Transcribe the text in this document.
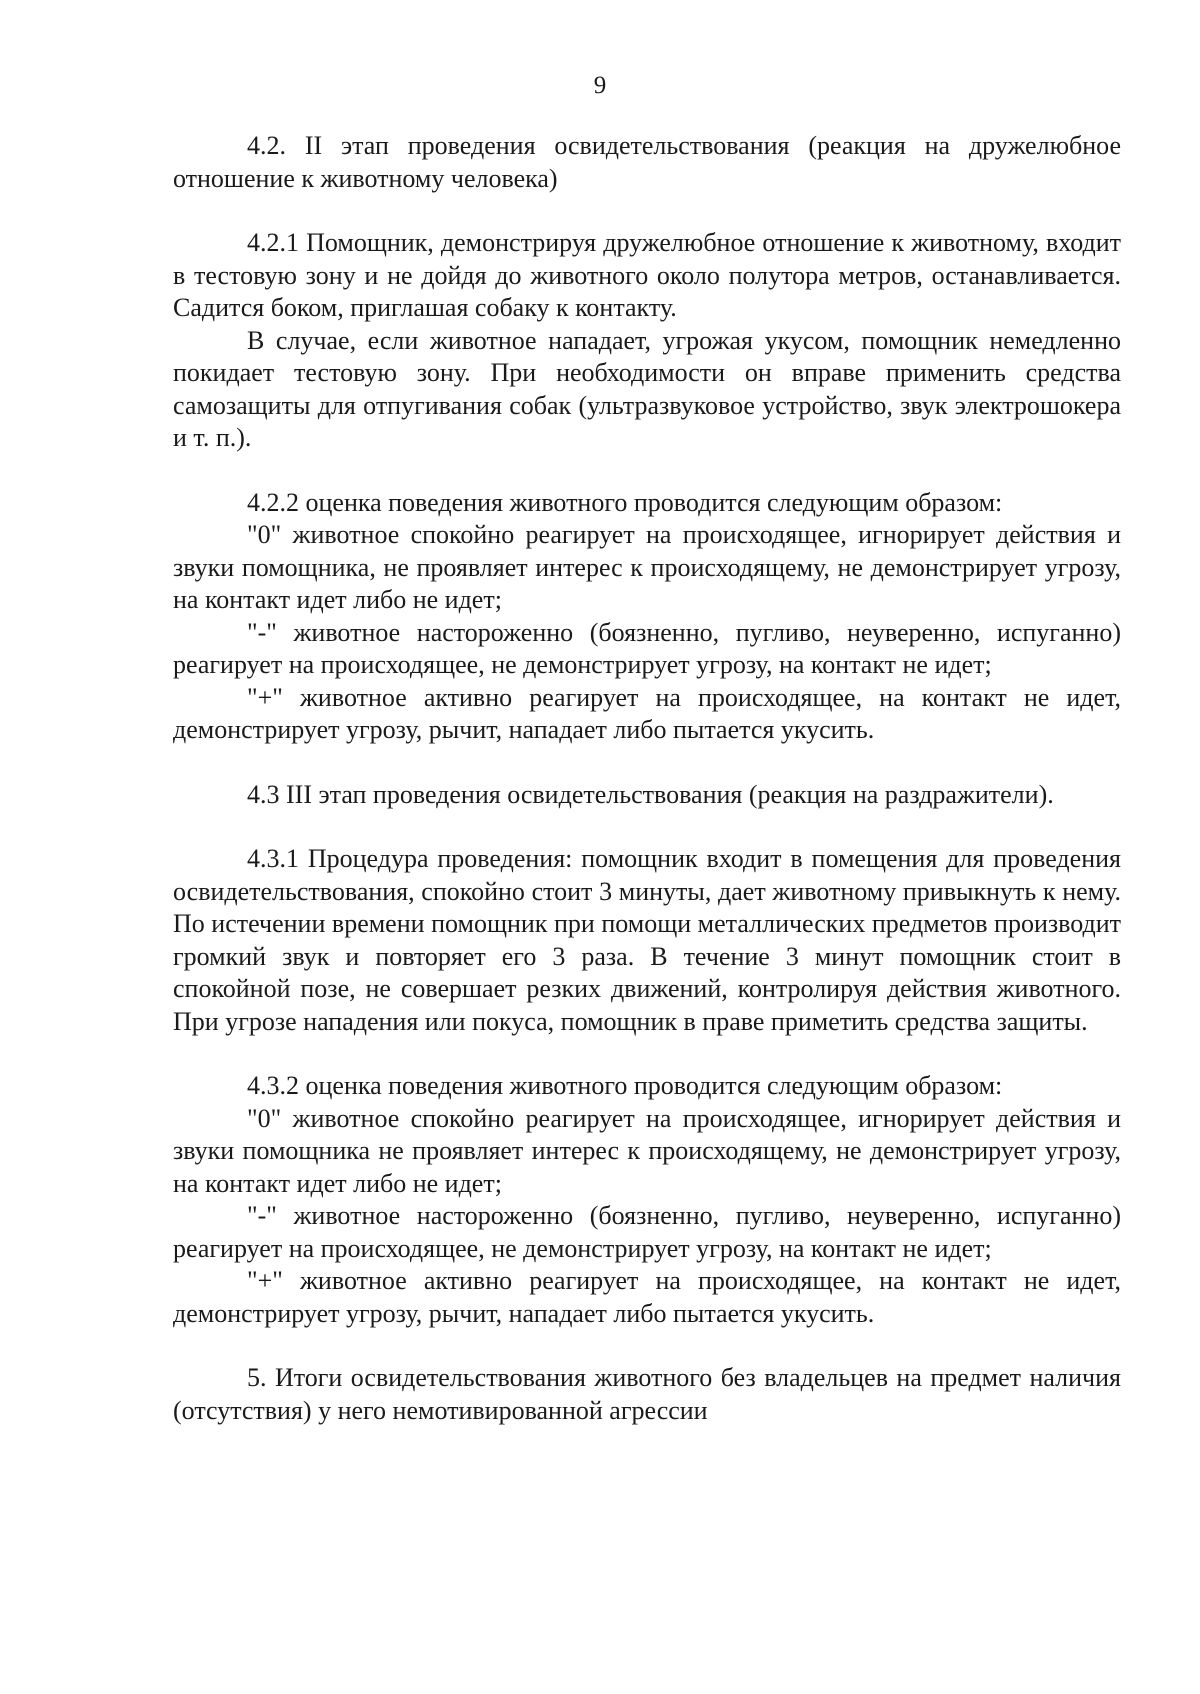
9

4.2. II этап проведения освидетельствования (реакция на дружелюбное отношение к животному человека)

4.2.1 Помощник, демонстрируя дружелюбное отношение к животному, входит в тестовую зону и не дойдя до животного около полутора метров, останавливается. Садится боком, приглашая собаку к контакту.

В случае, если животное нападает, угрожая укусом, помощник немедленно покидает тестовую зону. При необходимости он вправе применить средства самозащиты для отпугивания собак (ультразвуковое устройство, звук электрошокера и т. п.).

4.2.2 оценка поведения животного проводится следующим образом:

"0" животное спокойно реагирует на происходящее, игнорирует действия и звуки помощника, не проявляет интерес к происходящему, не демонстрирует угрозу, на контакт идет либо не идет;

"-" животное настороженно (боязненно, пугливо, неуверенно, испуганно) реагирует на происходящее, не демонстрирует угрозу, на контакт не идет;

"+" животное активно реагирует на происходящее, на контакт не идет, демонстрирует угрозу, рычит, нападает либо пытается укусить.

4.3 III этап проведения освидетельствования (реакция на раздражители).

4.3.1 Процедура проведения: помощник входит в помещения для проведения освидетельствования, спокойно стоит 3 минуты, дает животному привыкнуть к нему. По истечении времени помощник при помощи металлических предметов производит громкий звук и повторяет его 3 раза. В течение 3 минут помощник стоит в спокойной позе, не совершает резких движений, контролируя действия животного. При угрозе нападения или покуса, помощник в праве приметить средства защиты.

4.3.2 оценка поведения животного проводится следующим образом:

"0" животное спокойно реагирует на происходящее, игнорирует действия и звуки помощника не проявляет интерес к происходящему, не демонстрирует угрозу, на контакт идет либо не идет;

"-" животное настороженно (боязненно, пугливо, неуверенно, испуганно) реагирует на происходящее, не демонстрирует угрозу, на контакт не идет;

"+" животное активно реагирует на происходящее, на контакт не идет, демонстрирует угрозу, рычит, нападает либо пытается укусить.

5. Итоги освидетельствования животного без владельцев на предмет наличия (отсутствия) у него немотивированной агрессии
